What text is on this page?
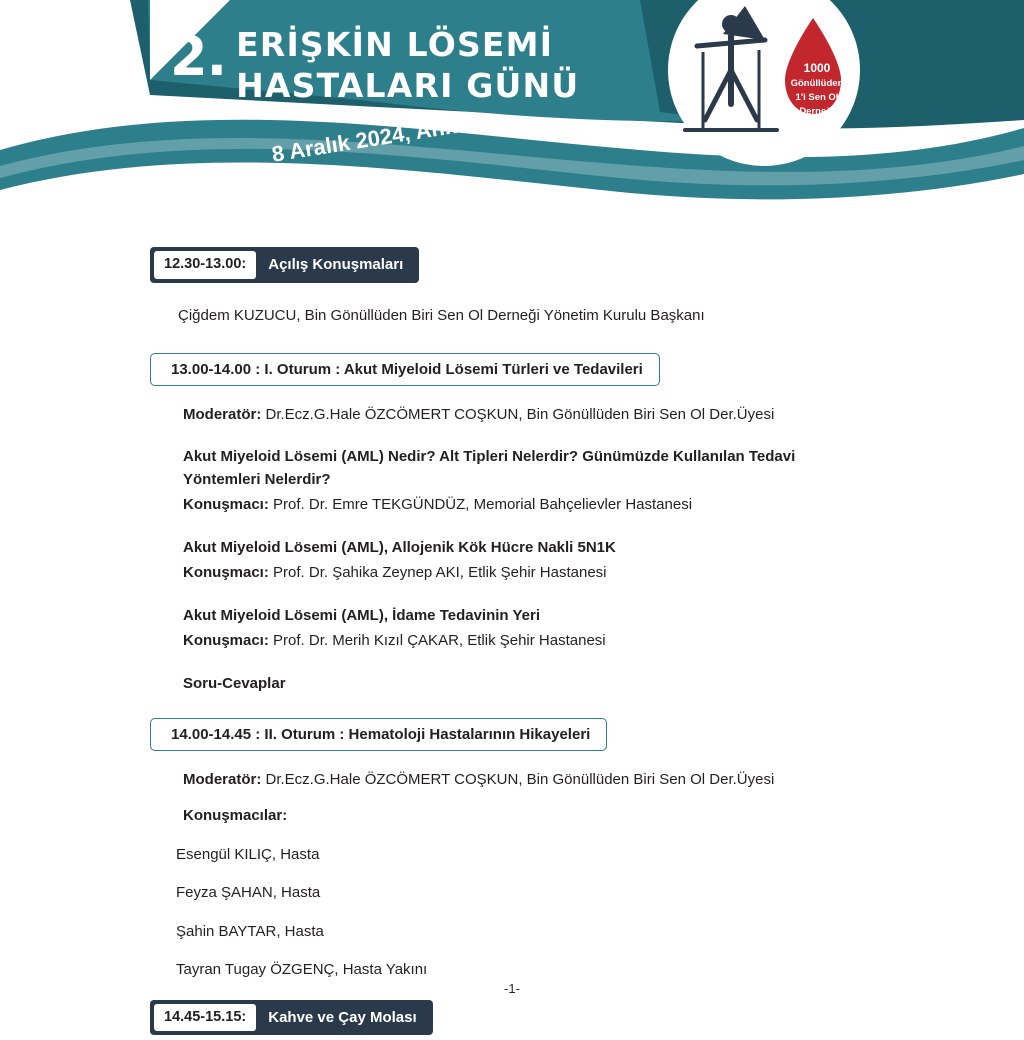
2. ERİŞKİN LÖSEMİ
HASTALARI GÜNÜ
8 Aralık 2024, Ankara
1000
Gönüllüden
1'i Sen Ol
Derneği
12.30-13.00:	Açılış Konuşmaları
Çiğdem KUZUCU, Bin Gönüllüden Biri Sen Ol Derneği Yönetim Kurulu Başkanı
13.00-14.00 : I. Oturum : Akut Miyeloid Lösemi Türleri ve Tedavileri
Moderatör: Dr.Ecz.G.Hale ÖZCÖMERT COŞKUN, Bin Gönüllüden Biri Sen Ol Der.Üyesi
Akut Miyeloid Lösemi (AML) Nedir? Alt Tipleri Nelerdir? Günümüzde Kullanılan Tedavi Yöntemleri Nelerdir?
Konuşmacı: Prof. Dr. Emre TEKGÜNDÜZ, Memorial Bahçelievler Hastanesi
Akut Miyeloid Lösemi (AML), Allojenik Kök Hücre Nakli 5N1K
Konuşmacı: Prof. Dr. Şahika Zeynep AKI, Etlik Şehir Hastanesi
Akut Miyeloid Lösemi (AML), İdame Tedavinin Yeri
Konuşmacı: Prof. Dr. Merih Kızıl ÇAKAR, Etlik Şehir Hastanesi
Soru-Cevaplar
14.00-14.45 : II. Oturum : Hematoloji Hastalarının Hikayeleri
Moderatör: Dr.Ecz.G.Hale ÖZCÖMERT COŞKUN, Bin Gönüllüden Biri Sen Ol Der.Üyesi
Konuşmacılar:
Esengül KILIÇ, Hasta
Feyza ŞAHAN, Hasta
Şahin BAYTAR, Hasta
Tayran Tugay ÖZGENÇ, Hasta Yakını
14.45-15.15:	Kahve ve Çay Molası
-1-
